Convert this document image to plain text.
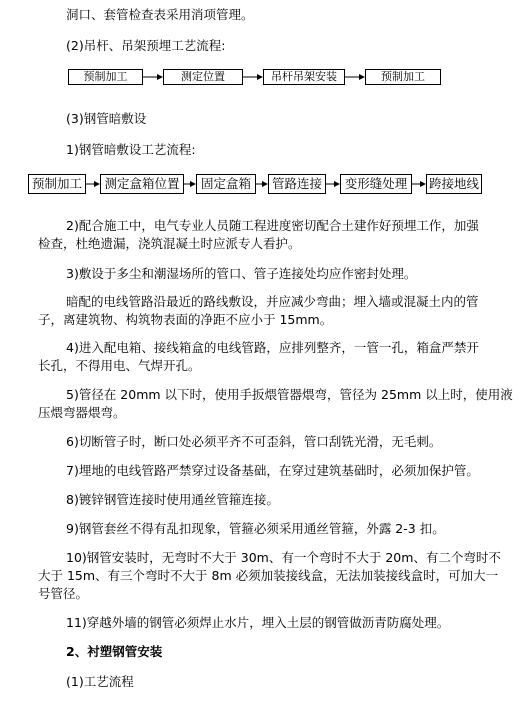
洞口、套管检查表采用消项管理。
(2)吊杆、吊架预埋工艺流程:
预制加工	测定位置	吊杆吊架安装	预制加工
(3)钢管暗敷设
1)钢管暗敷设工艺流程:
预制加工	测定盒箱位置	固定盒箱	管路连接	变形缝处理	跨接地线
2)配合施工中，电气专业人员随工程进度密切配合土建作好预埋工作，加强
检查，杜绝遗漏，浇筑混凝土时应派专人看护。
3)敷设于多尘和潮湿场所的管口、管子连接处均应作密封处理。
暗配的电线管路沿最近的路线敷设，并应减少弯曲；埋入墙或混凝土内的管
子，离建筑物、构筑物表面的净距不应小于 15mm。
4)进入配电箱、接线箱盒的电线管路，应排列整齐，一管一孔，箱盒严禁开
长孔，不得用电、气焊开孔。
5)管径在 20mm 以下时，使用手扳煨管器煨弯，管径为 25mm 以上时，使用液
压煨弯器煨弯。
6)切断管子时，断口处必须平齐不可歪斜，管口刮铣光滑，无毛刺。
7)埋地的电线管路严禁穿过设备基础，在穿过建筑基础时，必须加保护管。
8)镀锌钢管连接时使用通丝管箍连接。
9)钢管套丝不得有乱扣现象，管箍必须采用通丝管箍，外露 2-3 扣。
10)钢管安装时，无弯时不大于 30m、有一个弯时不大于 20m、有二个弯时不
大于 15m、有三个弯时不大于 8m 必须加装接线盒，无法加装接线盒时，可加大一
号管径。
11)穿越外墙的钢管必须焊止水片，埋入土层的钢管做沥青防腐处理。
2、衬塑钢管安装
(1)工艺流程
